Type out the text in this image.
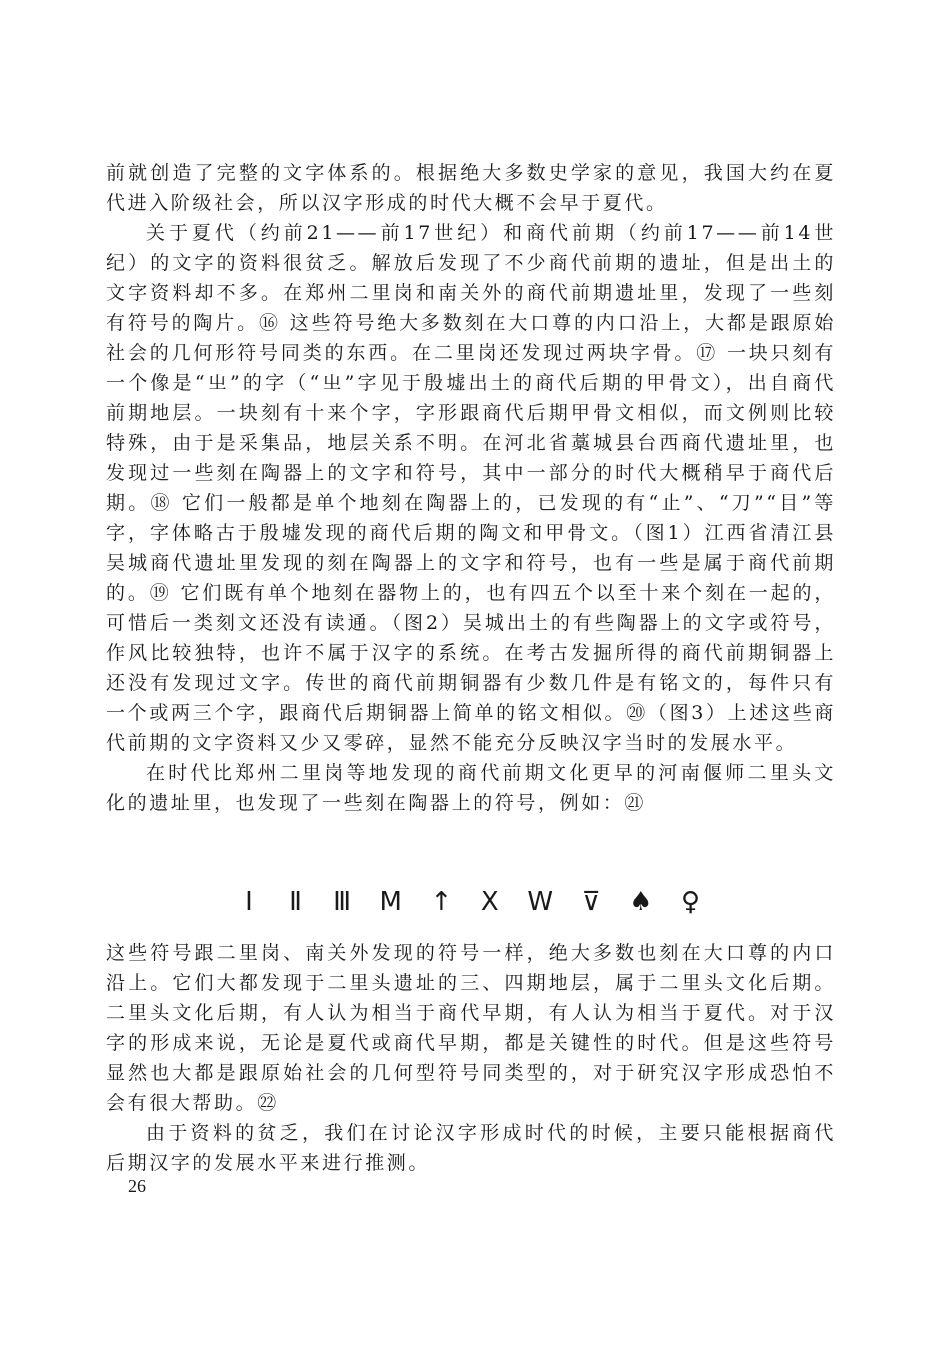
前就创造了完整的文字体系的。根据绝大多数史学家的意见，我国大约在夏代进入阶级社会，所以汉字形成的时代大概不会早于夏代。

关于夏代（约前21——前17世纪）和商代前期（约前17——前14世纪）的文字的资料很贫乏。解放后发现了不少商代前期的遗址，但是出土的文字资料却不多。在郑州二里岗和南关外的商代前期遗址里，发现了一些刻有符号的陶片。⑯ 这些符号绝大多数刻在大口尊的内口沿上，大都是跟原始社会的几何形符号同类的东西。在二里岗还发现过两块字骨。⑰ 一块只刻有一个像是“㞢”的字（“㞢”字见于殷墟出土的商代后期的甲骨文），出自商代前期地层。一块刻有十来个字，字形跟商代后期甲骨文相似，而文例则比较特殊，由于是采集品，地层关系不明。在河北省藁城县台西商代遗址里，也发现过一些刻在陶器上的文字和符号，其中一部分的时代大概稍早于商代后期。⑱ 它们一般都是单个地刻在陶器上的，已发现的有“止”、“刀”“目”等字，字体略古于殷墟发现的商代后期的陶文和甲骨文。（图1）江西省清江县吴城商代遗址里发现的刻在陶器上的文字和符号，也有一些是属于商代前期的。⑲ 它们既有单个地刻在器物上的，也有四五个以至十来个刻在一起的，可惜后一类刻文还没有读通。（图2）吴城出土的有些陶器上的文字或符号，作风比较独特，也许不属于汉字的系统。在考古发掘所得的商代前期铜器上还没有发现过文字。传世的商代前期铜器有少数几件是有铭文的，每件只有一个或两三个字，跟商代后期铜器上简单的铭文相似。⑳（图3）上述这些商代前期的文字资料又少又零碎，显然不能充分反映汉字当时的发展水平。

在时代比郑州二里岗等地发现的商代前期文化更早的河南偃师二里头文化的遗址里，也发现了一些刻在陶器上的符号，例如：㉑

Ⅰ Ⅱ Ⅲ M ↑ X W ⊽ ♠ ♀

这些符号跟二里岗、南关外发现的符号一样，绝大多数也刻在大口尊的内口沿上。它们大都发现于二里头遗址的三、四期地层，属于二里头文化后期。二里头文化后期，有人认为相当于商代早期，有人认为相当于夏代。对于汉字的形成来说，无论是夏代或商代早期，都是关键性的时代。但是这些符号显然也大都是跟原始社会的几何型符号同类型的，对于研究汉字形成恐怕不会有很大帮助。㉒

由于资料的贫乏，我们在讨论汉字形成时代的时候，主要只能根据商代后期汉字的发展水平来进行推测。

26
